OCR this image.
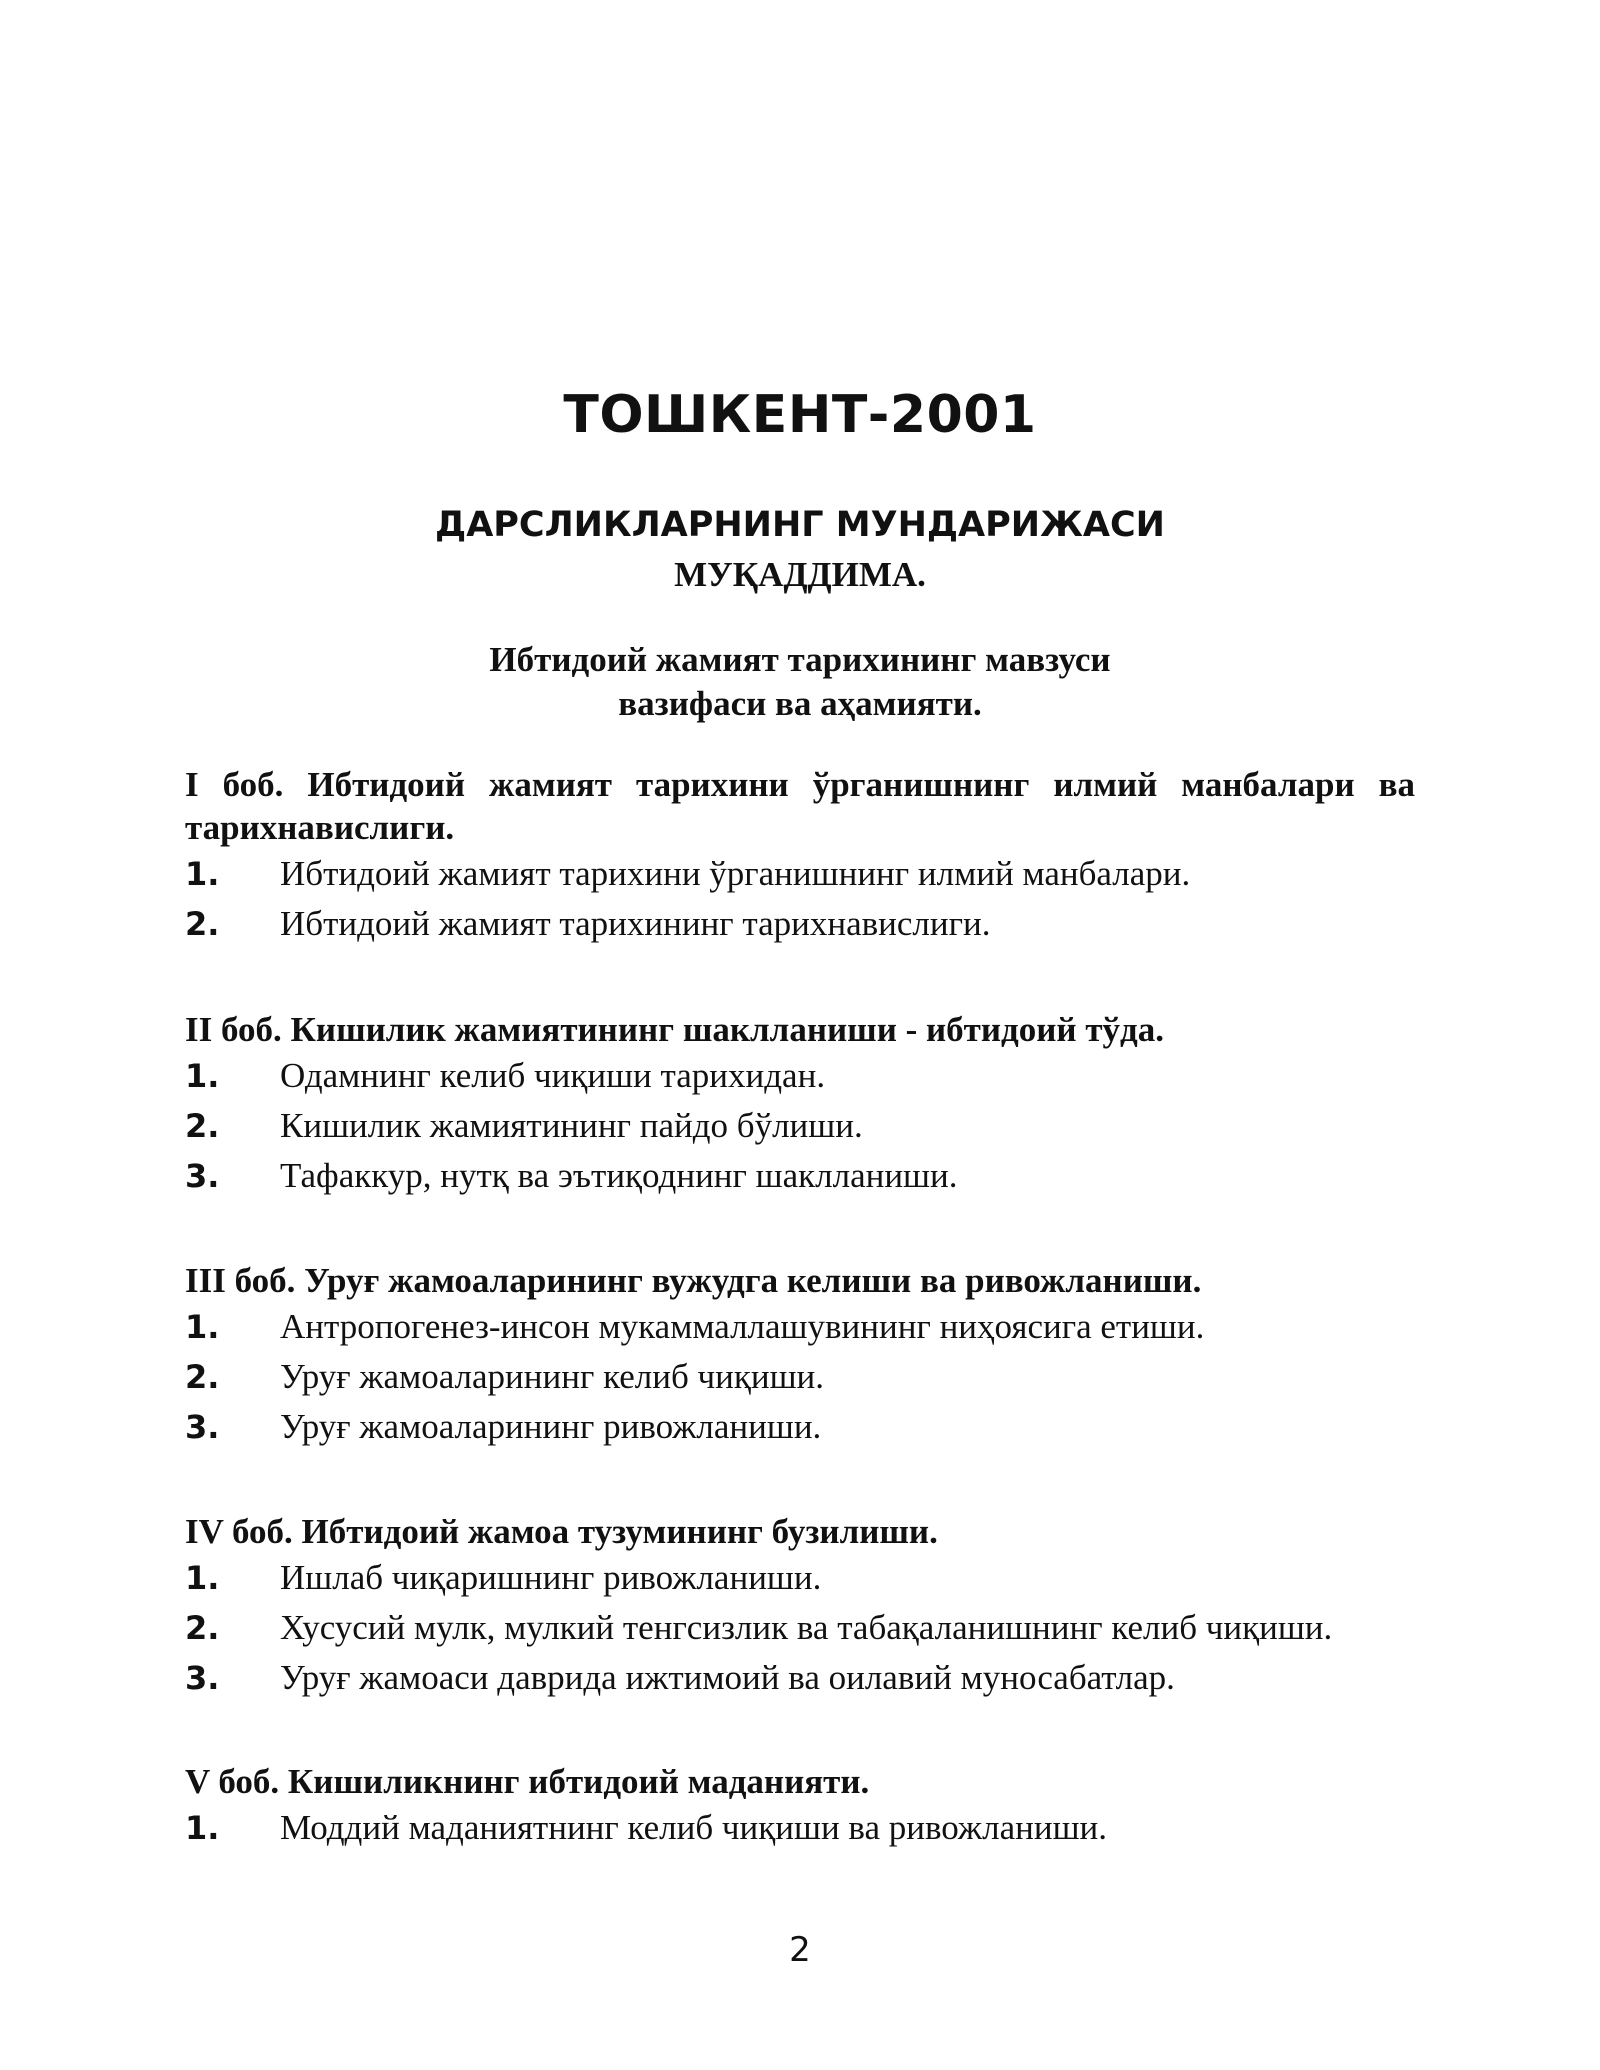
ТОШКЕНТ-2001
ДАРСЛИКЛАРНИНГ МУНДАРИЖАСИ
МУҚАДДИМА.
Ибтидоий жамият тарихининг мавзуси
вазифаси ва аҳамияти.
I боб. Ибтидоий жамият тарихини ўрганишнинг илмий манбалари ва тарихнавислиги.
1.	Ибтидоий жамият тарихини ўрганишнинг илмий манбалари.
2.	Ибтидоий жамият тарихининг тарихнавислиги.
II боб. Кишилик жамиятининг шаклланиши - ибтидоий тўда.
1.	Одамнинг келиб чиқиши тарихидан.
2.	Кишилик жамиятининг пайдо бўлиши.
3.	Тафаккур, нутқ ва эътиқоднинг шаклланиши.
III боб. Уруғ жамоаларининг вужудга келиши ва ривожланиши.
1.	Антропогенез-инсон мукаммаллашувининг ниҳоясига етиши.
2.	Уруғ жамоаларининг келиб чиқиши.
3.	Уруғ жамоаларининг ривожланиши.
IV боб. Ибтидоий жамоа тузумининг бузилиши.
1.	Ишлаб чиқаришнинг ривожланиши.
2.	Хусусий мулк, мулкий тенгсизлик ва табақаланишнинг келиб чиқиши.
3.	Уруғ жамоаси даврида ижтимоий ва оилавий муносабатлар.
V боб. Кишиликнинг ибтидоий маданияти.
1.	Моддий маданиятнинг келиб чиқиши ва ривожланиши.
2
